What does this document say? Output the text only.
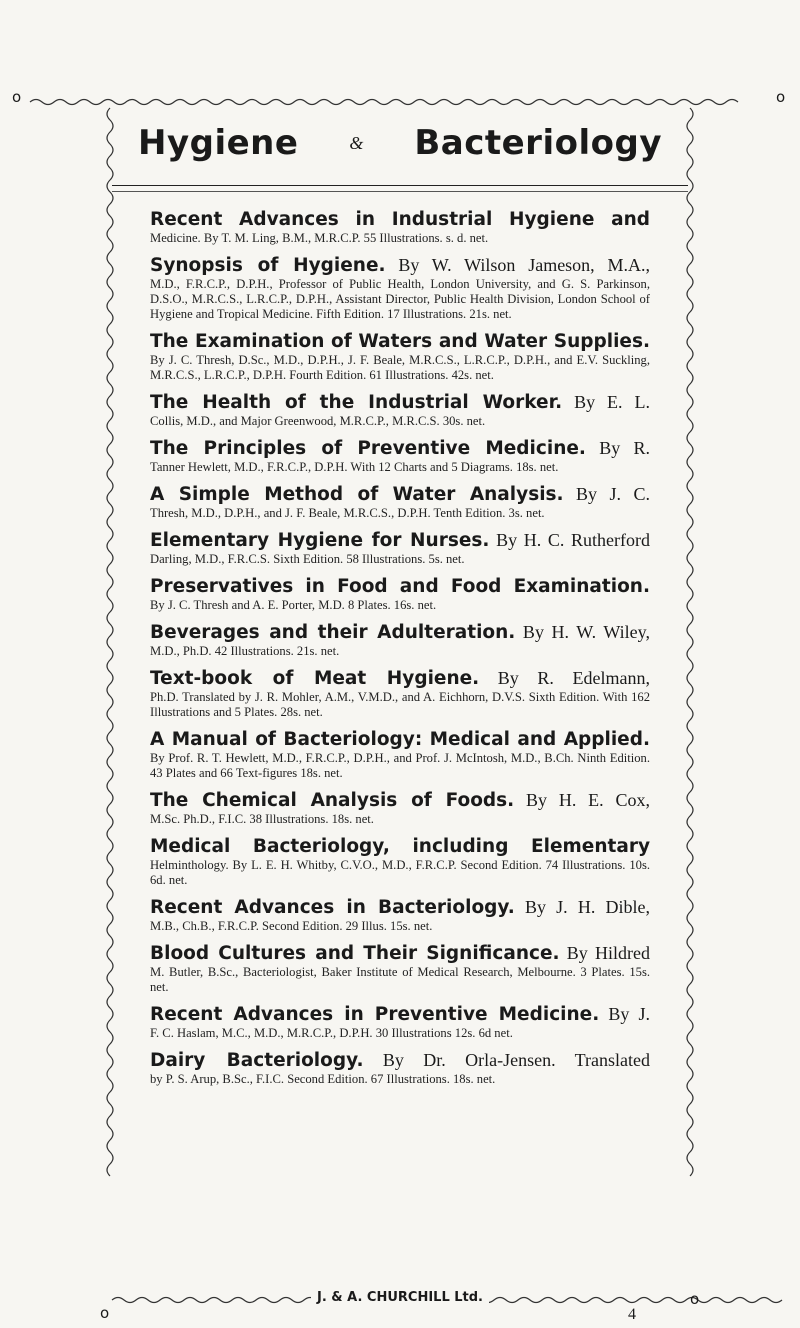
o	o
o
o
Hygiene	& Bacteriology
Recent Advances in Industrial Hygiene and
Medicine. By T. M. Ling, B.M., M.R.C.P. 55 Illustrations. s. d. net.
Synopsis of Hygiene. By W. Wilson Jameson, M.A.,
M.D., F.R.C.P., D.P.H., Professor of Public Health, London University, and G. S. Parkinson, D.S.O., M.R.C.S., L.R.C.P., D.P.H., Assistant Director, Public Health Division, London School of Hygiene and Tropical Medicine. Fifth Edition. 17 Illustrations. 21s. net.
The Examination of Waters and Water Supplies.
By J. C. Thresh, D.Sc., M.D., D.P.H., J. F. Beale, M.R.C.S., L.R.C.P., D.P.H., and E.V. Suckling, M.R.C.S., L.R.C.P., D.P.H. Fourth Edition. 61 Illustrations. 42s. net.
The Health of the Industrial Worker. By E. L.
Collis, M.D., and Major Greenwood, M.R.C.P., M.R.C.S. 30s. net.
The Principles of Preventive Medicine. By R.
Tanner Hewlett, M.D., F.R.C.P., D.P.H. With 12 Charts and 5 Diagrams. 18s. net.
A Simple Method of Water Analysis. By J. C.
Thresh, M.D., D.P.H., and J. F. Beale, M.R.C.S., D.P.H. Tenth Edition. 3s. net.
Elementary Hygiene for Nurses. By H. C. Rutherford
Darling, M.D., F.R.C.S. Sixth Edition. 58 Illustrations. 5s. net.
Preservatives in Food and Food Examination.
By J. C. Thresh and A. E. Porter, M.D. 8 Plates. 16s. net.
Beverages and their Adulteration. By H. W. Wiley,
M.D., Ph.D. 42 Illustrations. 21s. net.
Text-book of Meat Hygiene. By R. Edelmann,
Ph.D. Translated by J. R. Mohler, A.M., V.M.D., and A. Eichhorn, D.V.S. Sixth Edition. With 162 Illustrations and 5 Plates. 28s. net.
A Manual of Bacteriology: Medical and Applied.
By Prof. R. T. Hewlett, M.D., F.R.C.P., D.P.H., and Prof. J. McIntosh, M.D., B.Ch. Ninth Edition. 43 Plates and 66 Text-figures 18s. net.
The Chemical Analysis of Foods. By H. E. Cox,
M.Sc. Ph.D., F.I.C. 38 Illustrations. 18s. net.
Medical Bacteriology, including Elementary
Helminthology. By L. E. H. Whitby, C.V.O., M.D., F.R.C.P. Second Edition. 74 Illustrations. 10s. 6d. net.
Recent Advances in Bacteriology. By J. H. Dible,
M.B., Ch.B., F.R.C.P. Second Edition. 29 Illus. 15s. net.
Blood Cultures and Their Significance. By Hildred
M. Butler, B.Sc., Bacteriologist, Baker Institute of Medical Research, Melbourne. 3 Plates. 15s. net.
Recent Advances in Preventive Medicine. By J.
F. C. Haslam, M.C., M.D., M.R.C.P., D.P.H. 30 Illustrations 12s. 6d net.
Dairy Bacteriology. By Dr. Orla-Jensen. Translated
by P. S. Arup, B.Sc., F.I.C. Second Edition. 67 Illustrations. 18s. net.
J. & A. CHURCHILL Ltd.
4
